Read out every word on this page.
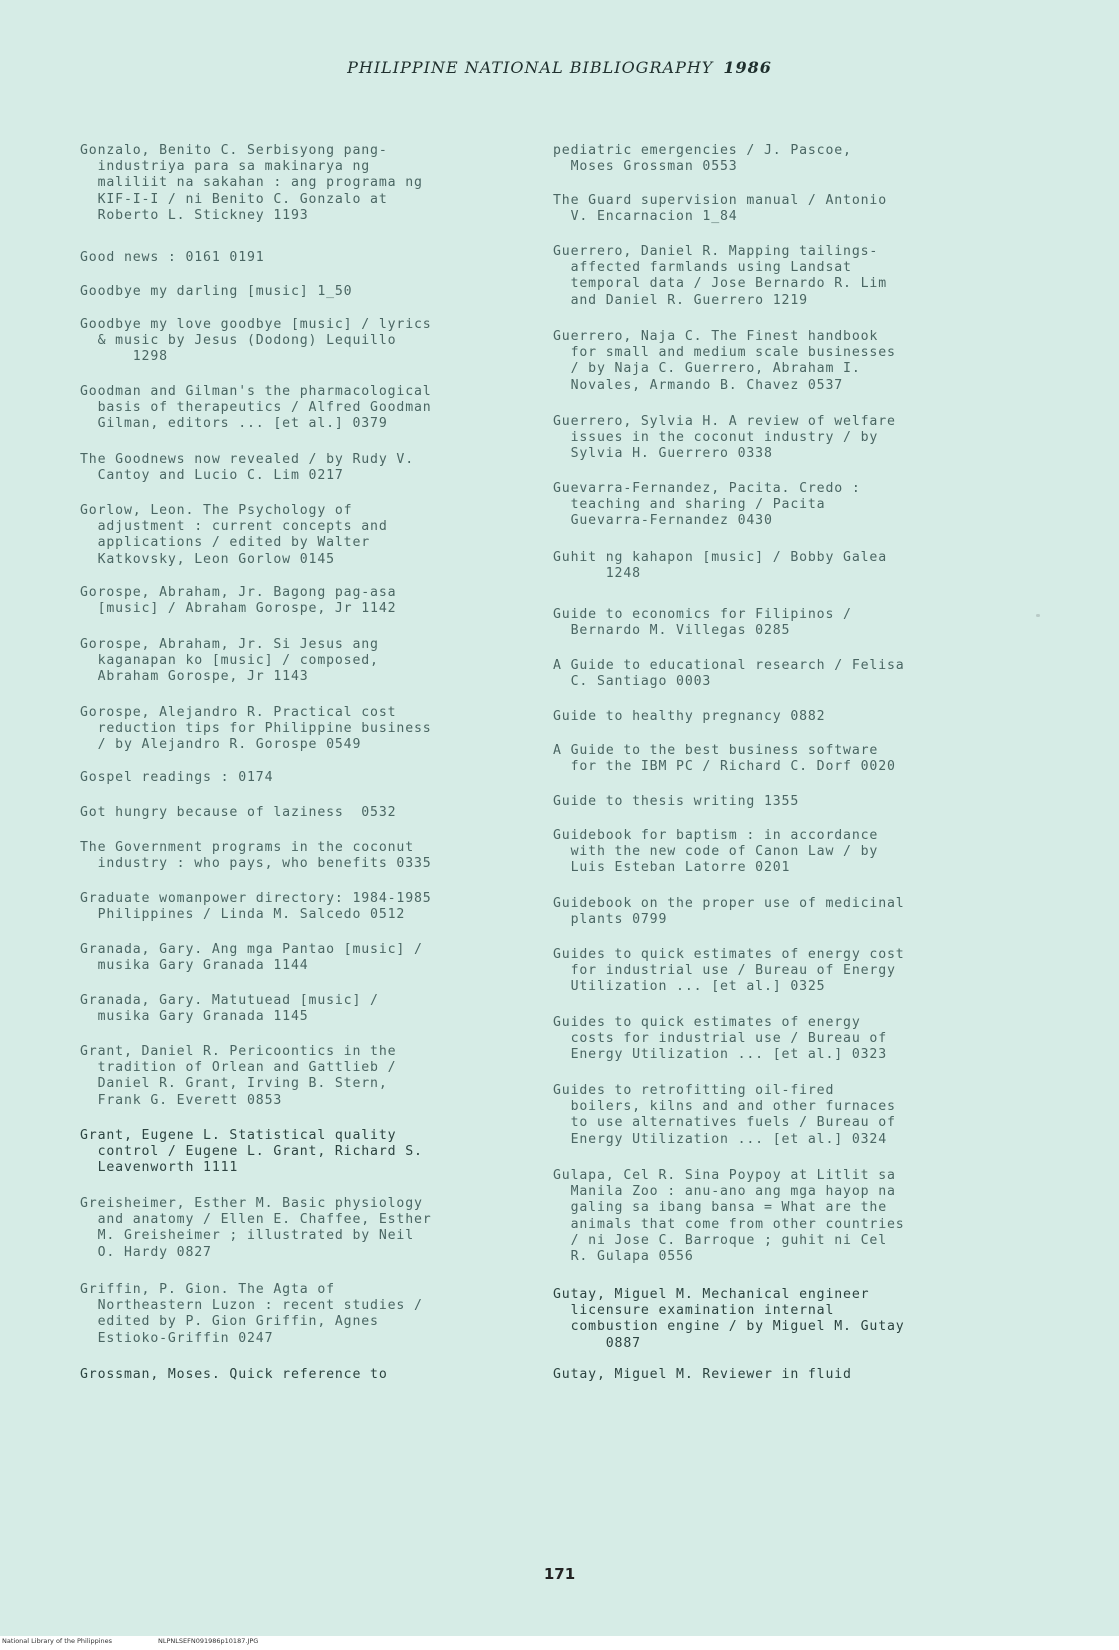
PHILIPPINE NATIONAL BIBLIOGRAPHY 1986

Gonzalo, Benito C. Serbisyong pang-
industriya para sa makinarya ng
maliliit na sakahan : ang programa ng
KIF-I-I / ni Benito C. Gonzalo at
Roberto L. Stickney 1193

Good news : 0161 0191

Goodbye my darling [music] 1_50

Goodbye my love goodbye [music] / lyrics
& music by Jesus (Dodong) Lequillo
1298

Goodman and Gilman's the pharmacological
basis of therapeutics / Alfred Goodman
Gilman, editors ... [et al.] 0379

The Goodnews now revealed / by Rudy V.
Cantoy and Lucio C. Lim 0217

Gorlow, Leon. The Psychology of
adjustment : current concepts and
applications / edited by Walter
Katkovsky, Leon Gorlow 0145

Gorospe, Abraham, Jr. Bagong pag-asa
[music] / Abraham Gorospe, Jr 1142

Gorospe, Abraham, Jr. Si Jesus ang
kaganapan ko [music] / composed,
Abraham Gorospe, Jr 1143

Gorospe, Alejandro R. Practical cost
reduction tips for Philippine business
/ by Alejandro R. Gorospe 0549

Gospel readings : 0174

Got hungry because of laziness  0532

The Government programs in the coconut
industry : who pays, who benefits 0335

Graduate womanpower directory: 1984-1985
Philippines / Linda M. Salcedo 0512

Granada, Gary. Ang mga Pantao [music] /
musika Gary Granada 1144

Granada, Gary. Matutuead [music] /
musika Gary Granada 1145

Grant, Daniel R. Pericoontics in the
tradition of Orlean and Gattlieb /
Daniel R. Grant, Irving B. Stern,
Frank G. Everett 0853

Grant, Eugene L. Statistical quality
control / Eugene L. Grant, Richard S.
Leavenworth 1111

Greisheimer, Esther M. Basic physiology
and anatomy / Ellen E. Chaffee, Esther
M. Greisheimer ; illustrated by Neil
O. Hardy 0827

Griffin, P. Gion. The Agta of
Northeastern Luzon : recent studies /
edited by P. Gion Griffin, Agnes
Estioko-Griffin 0247

Grossman, Moses. Quick reference to

pediatric emergencies / J. Pascoe,
Moses Grossman 0553

The Guard supervision manual / Antonio
V. Encarnacion 1_84

Guerrero, Daniel R. Mapping tailings-
affected farmlands using Landsat
temporal data / Jose Bernardo R. Lim
and Daniel R. Guerrero 1219

Guerrero, Naja C. The Finest handbook
for small and medium scale businesses
/ by Naja C. Guerrero, Abraham I.
Novales, Armando B. Chavez 0537

Guerrero, Sylvia H. A review of welfare
issues in the coconut industry / by
Sylvia H. Guerrero 0338

Guevarra-Fernandez, Pacita. Credo :
teaching and sharing / Pacita
Guevarra-Fernandez 0430

Guhit ng kahapon [music] / Bobby Galea
1248

Guide to economics for Filipinos /
Bernardo M. Villegas 0285

A Guide to educational research / Felisa
C. Santiago 0003

Guide to healthy pregnancy 0882

A Guide to the best business software
for the IBM PC / Richard C. Dorf 0020

Guide to thesis writing 1355

Guidebook for baptism : in accordance
with the new code of Canon Law / by
Luis Esteban Latorre 0201

Guidebook on the proper use of medicinal
plants 0799

Guides to quick estimates of energy cost
for industrial use / Bureau of Energy
Utilization ... [et al.] 0325

Guides to quick estimates of energy
costs for industrial use / Bureau of
Energy Utilization ... [et al.] 0323

Guides to retrofitting oil-fired
boilers, kilns and and other furnaces
to use alternatives fuels / Bureau of
Energy Utilization ... [et al.] 0324

Gulapa, Cel R. Sina Poypoy at Litlit sa
Manila Zoo : anu-ano ang mga hayop na
galing sa ibang bansa = What are the
animals that come from other countries
/ ni Jose C. Barroque ; guhit ni Cel
R. Gulapa 0556

Gutay, Miguel M. Mechanical engineer
licensure examination internal
combustion engine / by Miguel M. Gutay
0887

Gutay, Miguel M. Reviewer in fluid

171
National Library of the Philippines	NLPNLSEFN091986p10187.JPG
